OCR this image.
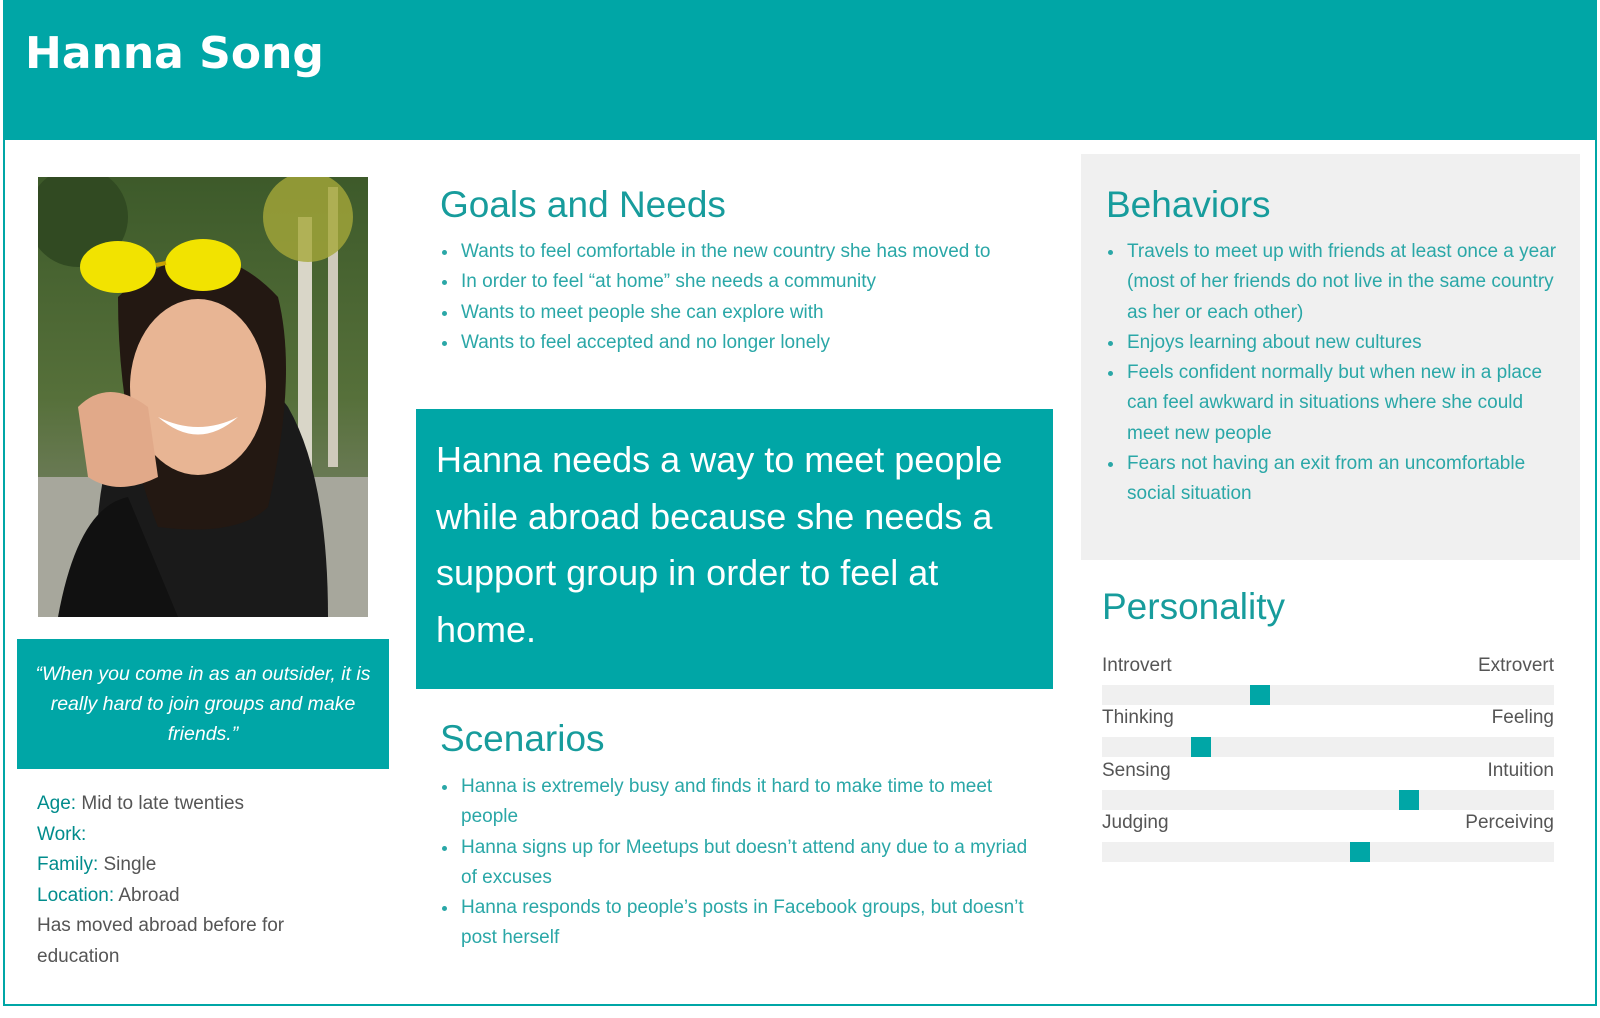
Hanna Song
“When you come in as an outsider, it is really hard to join groups and make friends.”
Age: Mid to late twenties
Work:
Family: Single
Location: Abroad
Has moved abroad before for education
Goals and Needs
Wants to feel comfortable in the new country she has moved to
In order to feel “at home” she needs a community
Wants to meet people she can explore with
Wants to feel accepted and no longer lonely
Hanna needs a way to meet people while abroad because she needs a support group in order to feel at home.
Scenarios
Hanna is extremely busy and finds it hard to make time to meet people
Hanna signs up for Meetups but doesn’t attend any due to a myriad of excuses
Hanna responds to people’s posts in Facebook groups, but doesn’t post herself
Behaviors
Travels to meet up with friends at least once a year (most of her friends do not live in the same country as her or each other)
Enjoys learning about new cultures
Feels confident normally but when new in a place can feel awkward in situations where she could meet new people
Fears not having an exit from an uncomfortable social situation
Personality
Introvert	Extrovert
Thinking	Feeling
Sensing	Intuition
Judging	Perceiving
